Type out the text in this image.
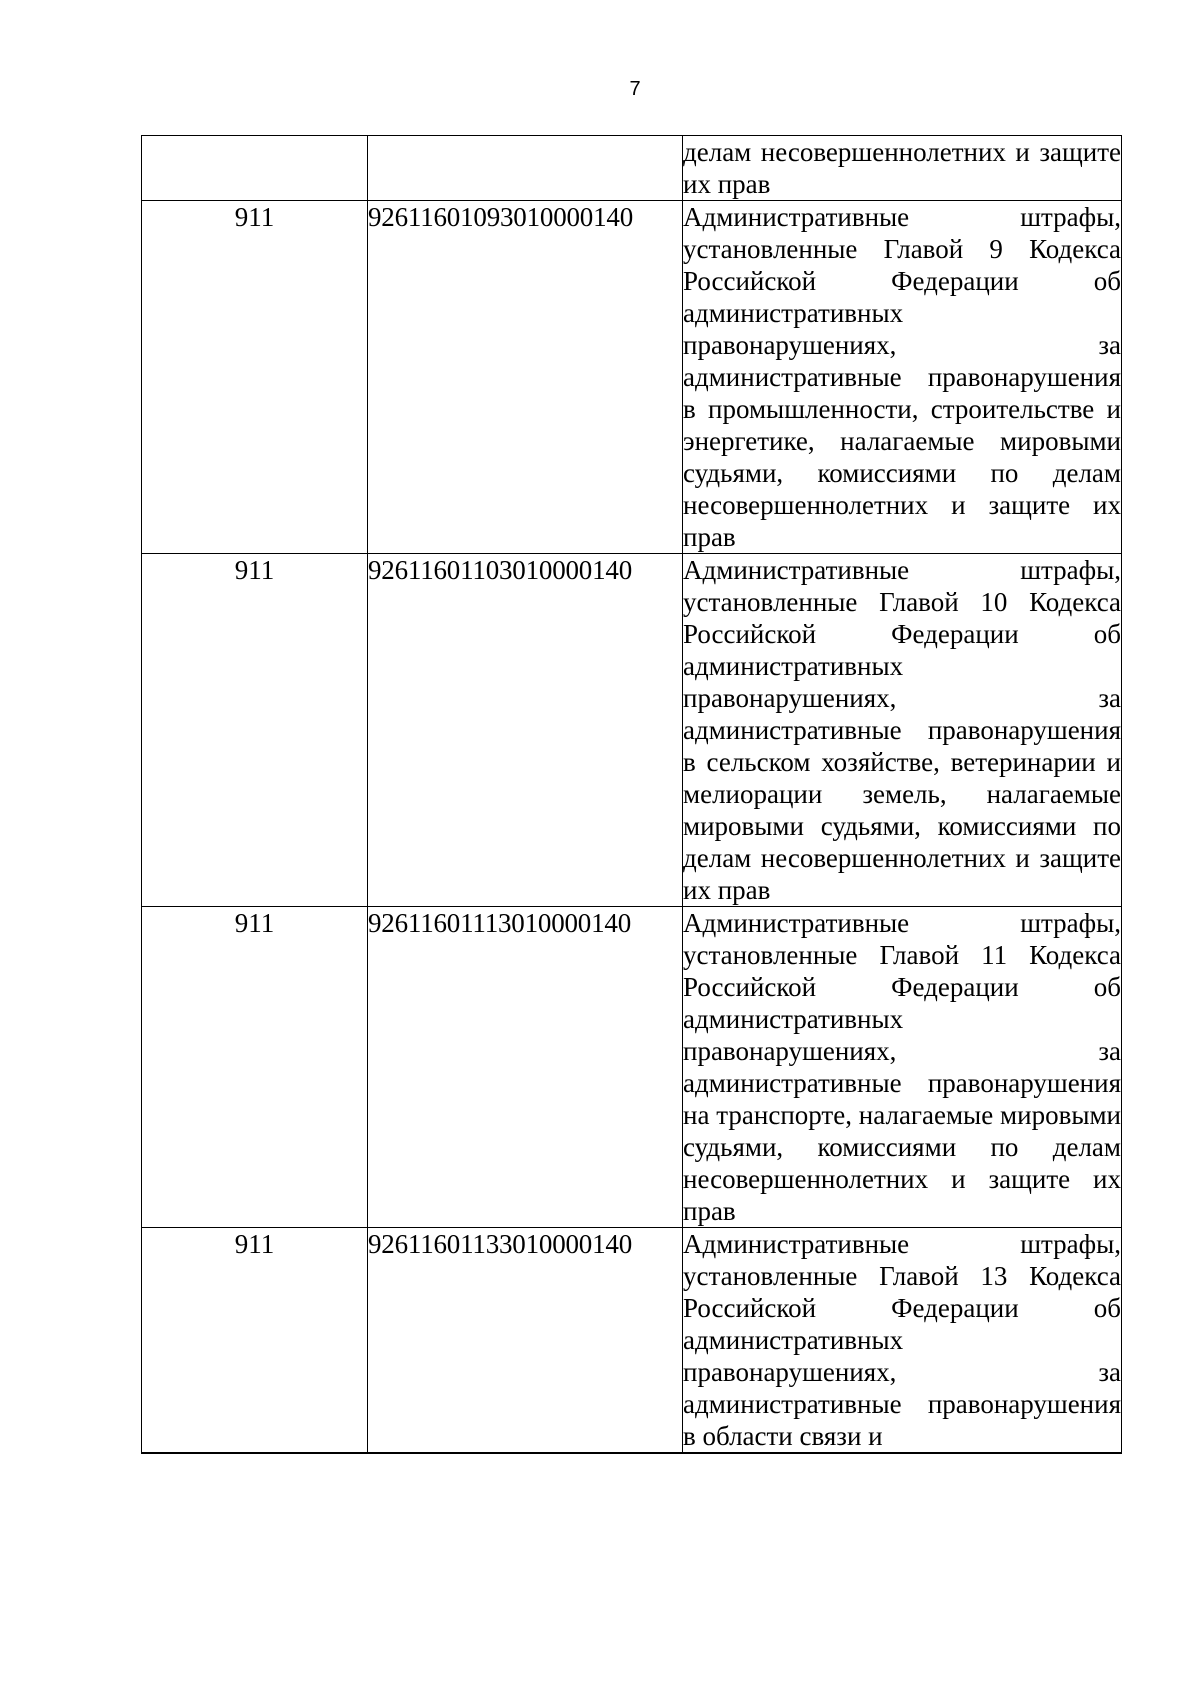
7

		делам несовершеннолетних и защите их прав

911	92611601093010000140	Административные штрафы, установленные Главой 9 Кодекса Российской Федерации об административных правонарушениях, за административные правонарушения в промышленности, строительстве и энергетике, налагаемые мировыми судьями, комиссиями по делам несовершеннолетних и защите их прав

911	92611601103010000140	Административные штрафы, установленные Главой 10 Кодекса Российской Федерации об административных правонарушениях, за административные правонарушения в сельском хозяйстве, ветеринарии и мелиорации земель, налагаемые мировыми судьями, комиссиями по делам несовершеннолетних и защите их прав

911	92611601113010000140	Административные штрафы, установленные Главой 11 Кодекса Российской Федерации об административных правонарушениях, за административные правонарушения на транспорте, налагаемые мировыми судьями, комиссиями по делам несовершеннолетних и защите их прав

911	92611601133010000140	Административные штрафы, установленные Главой 13 Кодекса Российской Федерации об административных правонарушениях, за административные правонарушения в области связи и
